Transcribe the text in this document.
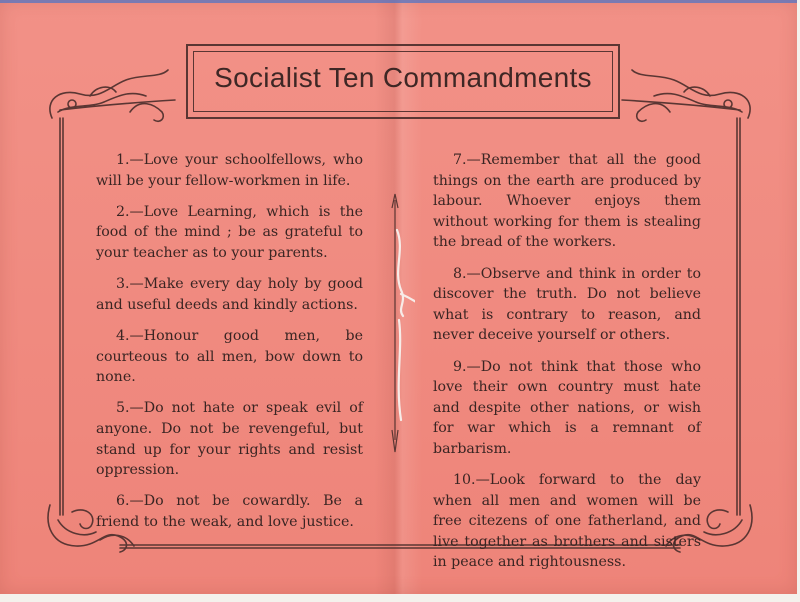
Socialist Ten Commandments

1.—Love your schoolfellows, who will be your fellow-workmen in life.

2.—Love Learning, which is the food of the mind ; be as grateful to your teacher as to your parents.

3.—Make every day holy by good and useful deeds and kindly actions.

4.—Honour good men, be courteous to all men, bow down to none.

5.—Do not hate or speak evil of anyone. Do not be revengeful, but stand up for your rights and resist oppression.

6.—Do not be cowardly. Be a friend to the weak, and love justice.

7.—Remember that all the good things on the earth are produced by labour. Whoever enjoys them without working for them is stealing the bread of the workers.

8.—Observe and think in order to discover the truth. Do not believe what is contrary to reason, and never deceive yourself or others.

9.—Do not think that those who love their own country must hate and despite other nations, or wish for war which is a remnant of barbarism.

10.—Look forward to the day when all men and women will be free citezens of one fatherland, and live together as brothers and sisters in peace and rightousness.
